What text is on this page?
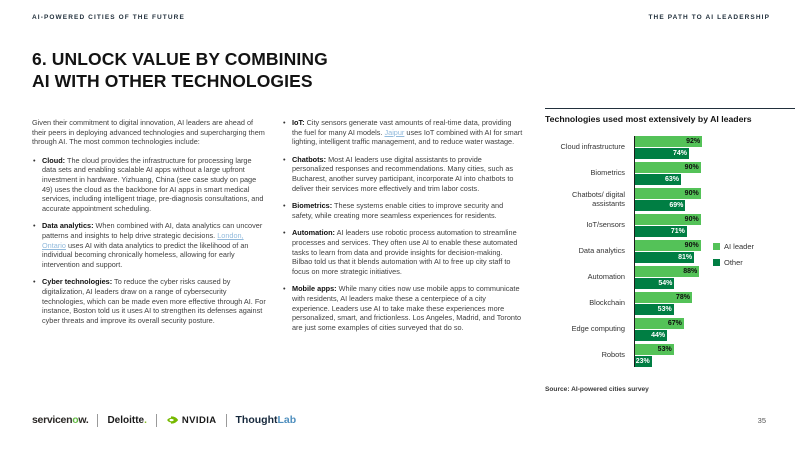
AI-POWERED CITIES OF THE FUTURE	THE PATH TO AI LEADERSHIP
6. UNLOCK VALUE BY COMBINING
AI WITH OTHER TECHNOLOGIES

Given their commitment to digital innovation, AI leaders are ahead of their peers in deploying advanced technologies and supercharging them through AI. The most common technologies include:

• Cloud: The cloud provides the infrastructure for processing large data sets and enabling scalable AI apps without a large upfront investment in hardware. Yizhuang, China (see case study on page 49) uses the cloud as the backbone for AI apps in smart medical services, including intelligent triage, pre-diagnosis consultations, and accurate appointment scheduling.
• Data analytics: When combined with AI, data analytics can uncover patterns and insights to help drive strategic decisions. London, Ontario uses AI with data analytics to predict the likelihood of an individual becoming chronically homeless, allowing for early intervention and support.
• Cyber technologies: To reduce the cyber risks caused by digitalization, AI leaders draw on a range of cybersecurity technologies, which can be made even more effective through AI. For instance, Boston told us it uses AI to strengthen its defenses against cyber threats and improve its overall security posture.
• IoT: City sensors generate vast amounts of real-time data, providing the fuel for many AI models. Jaipur uses IoT combined with AI for smart lighting, intelligent traffic management, and to reduce water wastage.
• Chatbots: Most AI leaders use digital assistants to provide personalized responses and recommendations. Many cities, such as Bucharest, another survey participant, incorporate AI into chatbots to deliver their services more effectively and trim labor costs.
• Biometrics: These systems enable cities to improve security and safety, while creating more seamless experiences for residents.
• Automation: AI leaders use robotic process automation to streamline processes and services. They often use AI to enable these automated tasks to learn from data and provide insights for decision-making. Bilbao told us that it blends automation with AI to free up city staff to focus on more strategic initiatives.
• Mobile apps: While many cities now use mobile apps to communicate with residents, AI leaders make these a centerpiece of a city experience. Leaders use AI to take make these experiences more personalized, smart, and frictionless. Los Angeles, Madrid, and Toronto are just some examples of cities surveyed that do so.
Technologies used most extensively by AI leaders
Cloud infrastructure
92%
74%
Biometrics
90%
63%
Chatbots/ digital assistants
90%
69%
IoT/sensors
90%
71%
Data analytics
90%
81%
Automation
88%
54%
Blockchain
78%
53%
Edge computing
67%
44%
Robots
53%
23%
AI leader
Other
Source: AI-powered cities survey
servicen o w. Deloitte .	NVIDIA Thought Lab	35
